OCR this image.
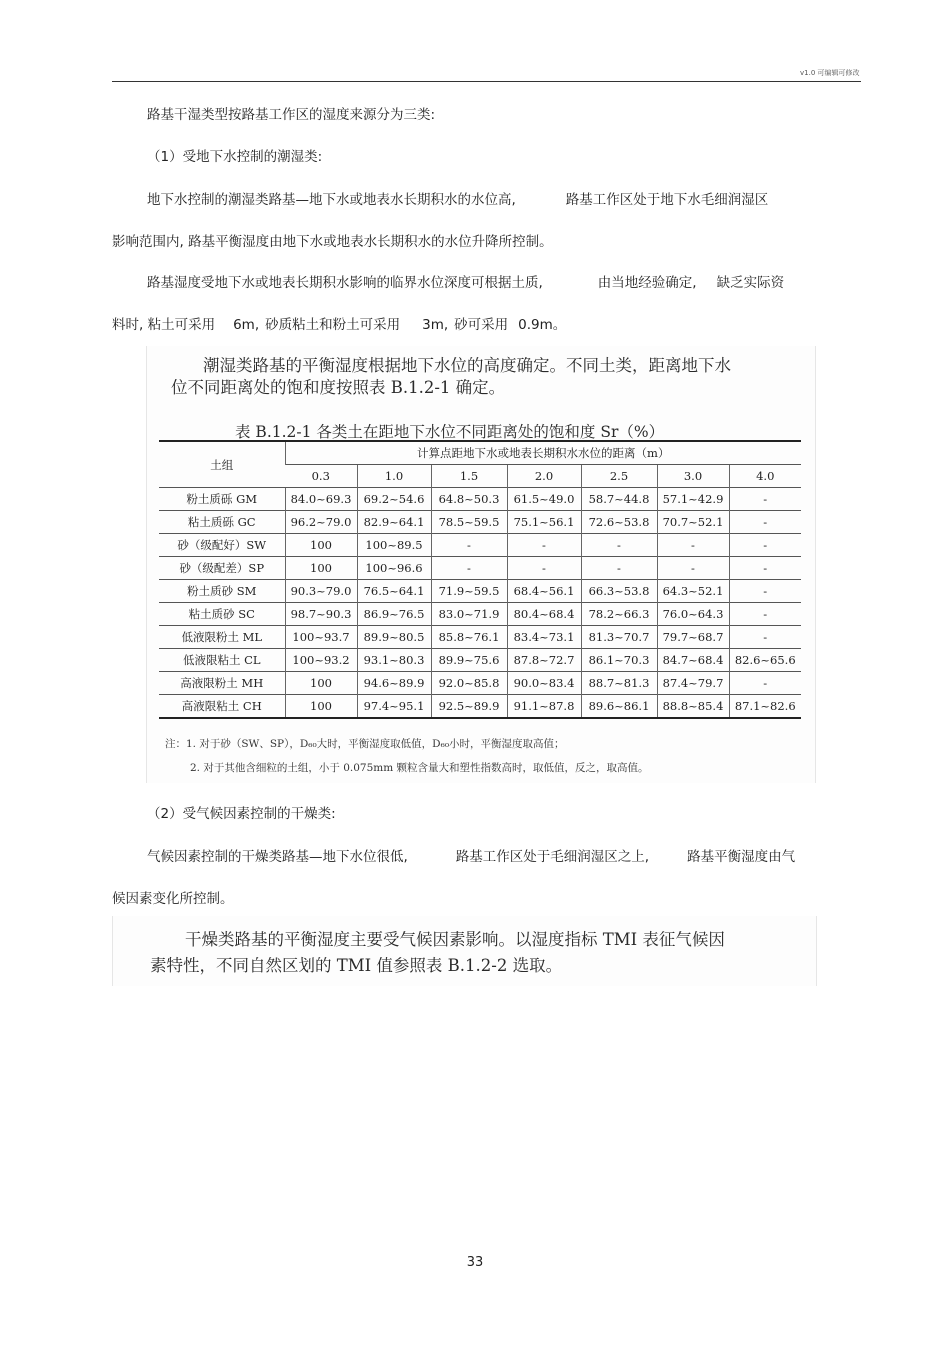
v1.0 可编辑可修改
路基干湿类型按路基工作区的湿度来源分为三类:
（1）受地下水控制的潮湿类:
地下水控制的潮湿类路基—地下水或地表水长期积水的水位高,	路基工作区处于地下水毛细润湿区
影响范围内, 路基平衡湿度由地下水或地表水长期积水的水位升降所控制。
路基湿度受地下水或地表长期积水影响的临界水位深度可根据土质,	由当地经验确定, 缺乏实际资
料时, 粘土可采用 6m, 砂质粘土和粉土可采用 3m, 砂可采用 0.9m。
潮湿类路基的平衡湿度根据地下水位的高度确定。不同土类，距离地下水
位不同距离处的饱和度按照表 B.1.2-1 确定。
表 B.1.2-1 各类土在距地下水位不同距离处的饱和度 Sr（%）
土组	计算点距地下水或地表长期积水水位的距离（m）						
	0.3	1.0	1.5	2.0	2.5	3.0	4.0
粉土质砾 GM	84.0~69.3	69.2~54.6	64.8~50.3	61.5~49.0	58.7~44.8	57.1~42.9	-
粘土质砾 GC	96.2~79.0	82.9~64.1	78.5~59.5	75.1~56.1	72.6~53.8	70.7~52.1	-
砂（级配好）SW	100	100~89.5	-	-	-	-	-
砂（级配差）SP	100	100~96.6	-	-	-	-	-
粉土质砂 SM	90.3~79.0	76.5~64.1	71.9~59.5	68.4~56.1	66.3~53.8	64.3~52.1	-
粘土质砂 SC	98.7~90.3	86.9~76.5	83.0~71.9	80.4~68.4	78.2~66.3	76.0~64.3	-
低液限粉土 ML	100~93.7	89.9~80.5	85.8~76.1	83.4~73.1	81.3~70.7	79.7~68.7	-
低液限粘土 CL	100~93.2	93.1~80.3	89.9~75.6	87.8~72.7	86.1~70.3	84.7~68.4	82.6~65.6
高液限粉土 MH	100	94.6~89.9	92.0~85.8	90.0~83.4	88.7~81.3	87.4~79.7	-
高液限粘土 CH	100	97.4~95.1	92.5~89.9	91.1~87.8	89.6~86.1	88.8~85.4	87.1~82.6
注：1. 对于砂（SW、SP），D₆₀大时，平衡湿度取低值，D₆₀小时，平衡湿度取高值；
2. 对于其他含细粒的土组，小于 0.075mm 颗粒含量大和塑性指数高时，取低值，反之，取高值。
（2）受气候因素控制的干燥类:
气候因素控制的干燥类路基—地下水位很低,	路基工作区处于毛细润湿区之上,	路基平衡湿度由气
候因素变化所控制。
干燥类路基的平衡湿度主要受气候因素影响。以湿度指标 TMI 表征气候因
素特性，不同自然区划的 TMI 值参照表 B.1.2-2 选取。
33
